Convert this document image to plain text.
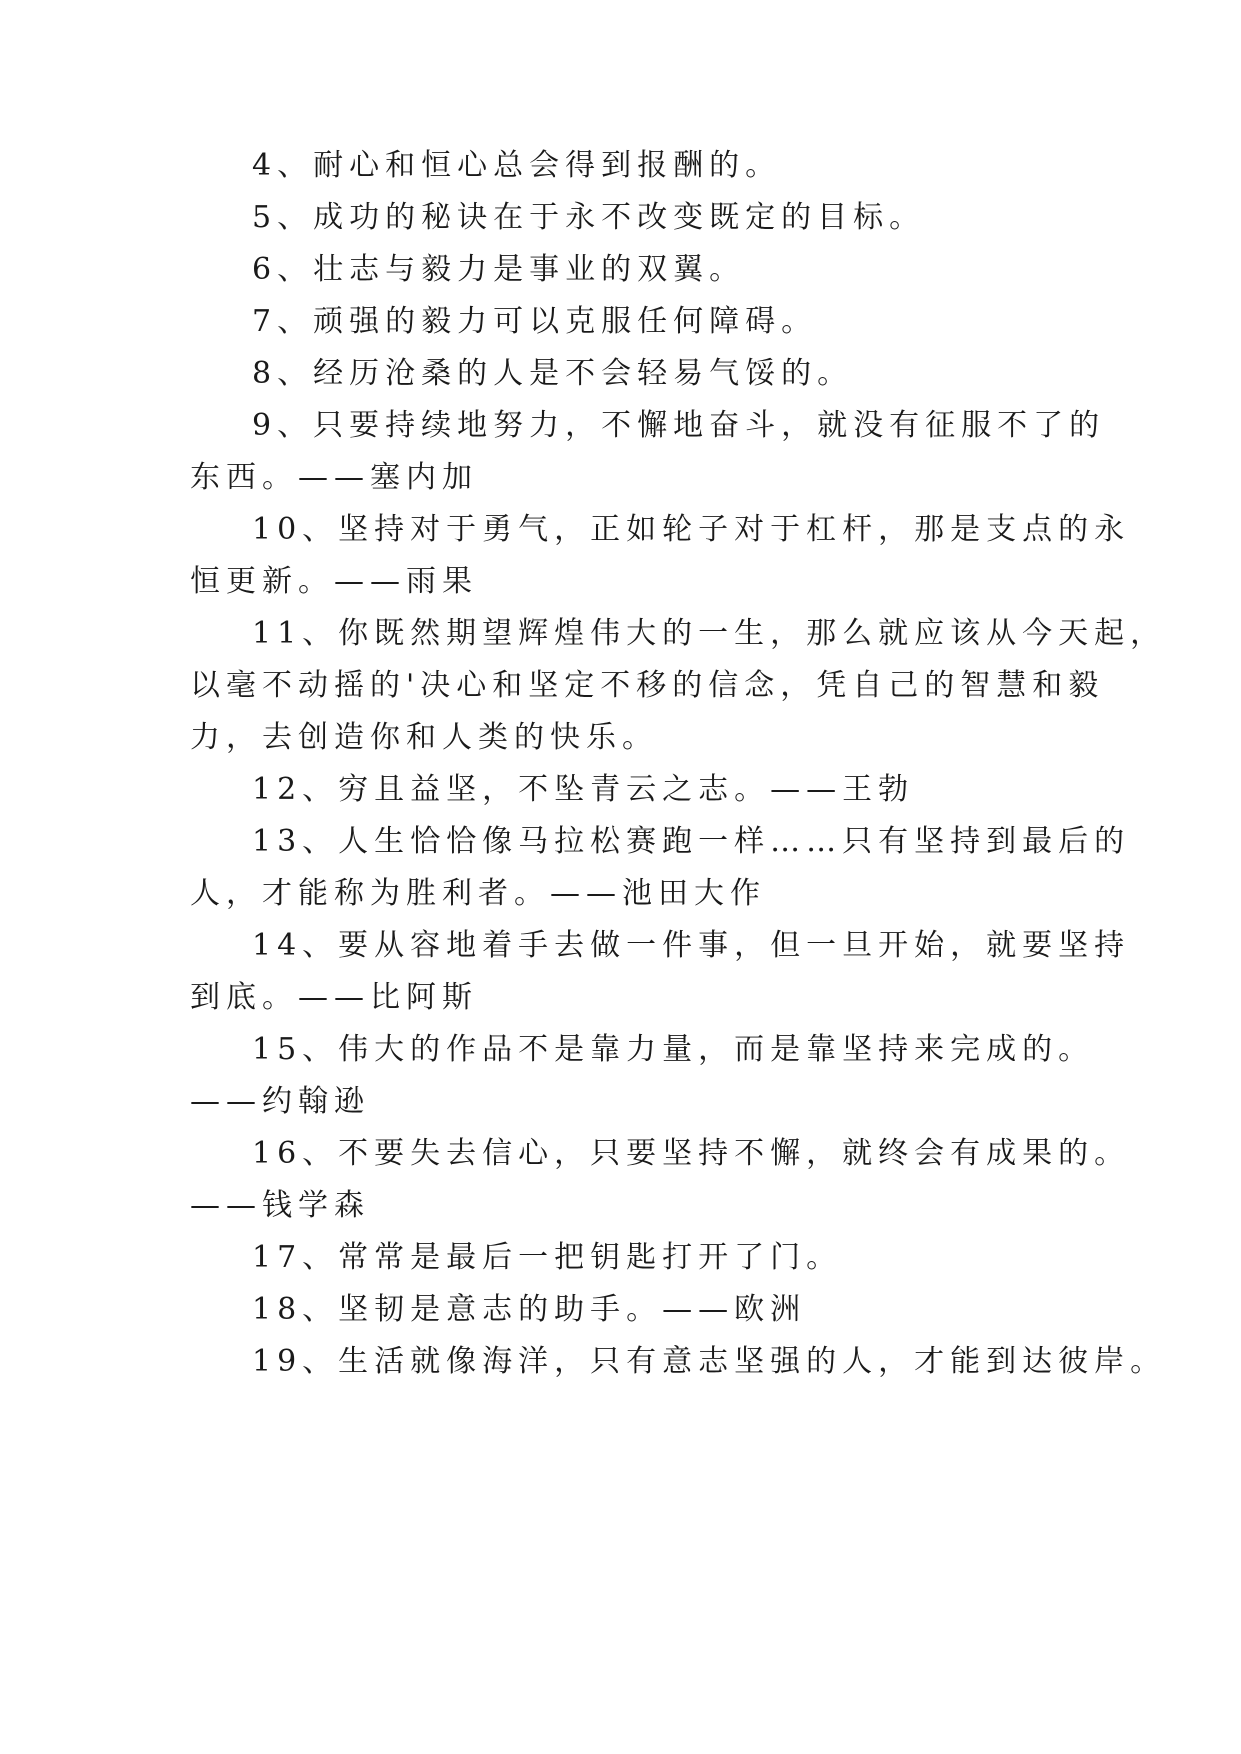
4、耐心和恒心总会得到报酬的。
5、成功的秘诀在于永不改变既定的目标。
6、壮志与毅力是事业的双翼。
7、顽强的毅力可以克服任何障碍。
8、经历沧桑的人是不会轻易气馁的。
9、只要持续地努力，不懈地奋斗，就没有征服不了的
东西。——塞内加
10、坚持对于勇气，正如轮子对于杠杆，那是支点的永
恒更新。——雨果
11、你既然期望辉煌伟大的一生，那么就应该从今天起，
以毫不动摇的'决心和坚定不移的信念，凭自己的智慧和毅
力，去创造你和人类的快乐。
12、穷且益坚，不坠青云之志。——王勃
13、人生恰恰像马拉松赛跑一样……只有坚持到最后的
人，才能称为胜利者。——池田大作
14、要从容地着手去做一件事，但一旦开始，就要坚持
到底。——比阿斯
15、伟大的作品不是靠力量，而是靠坚持来完成的。
——约翰逊
16、不要失去信心，只要坚持不懈，就终会有成果的。
——钱学森
17、常常是最后一把钥匙打开了门。
18、坚韧是意志的助手。——欧洲
19、生活就像海洋，只有意志坚强的人，才能到达彼岸。
